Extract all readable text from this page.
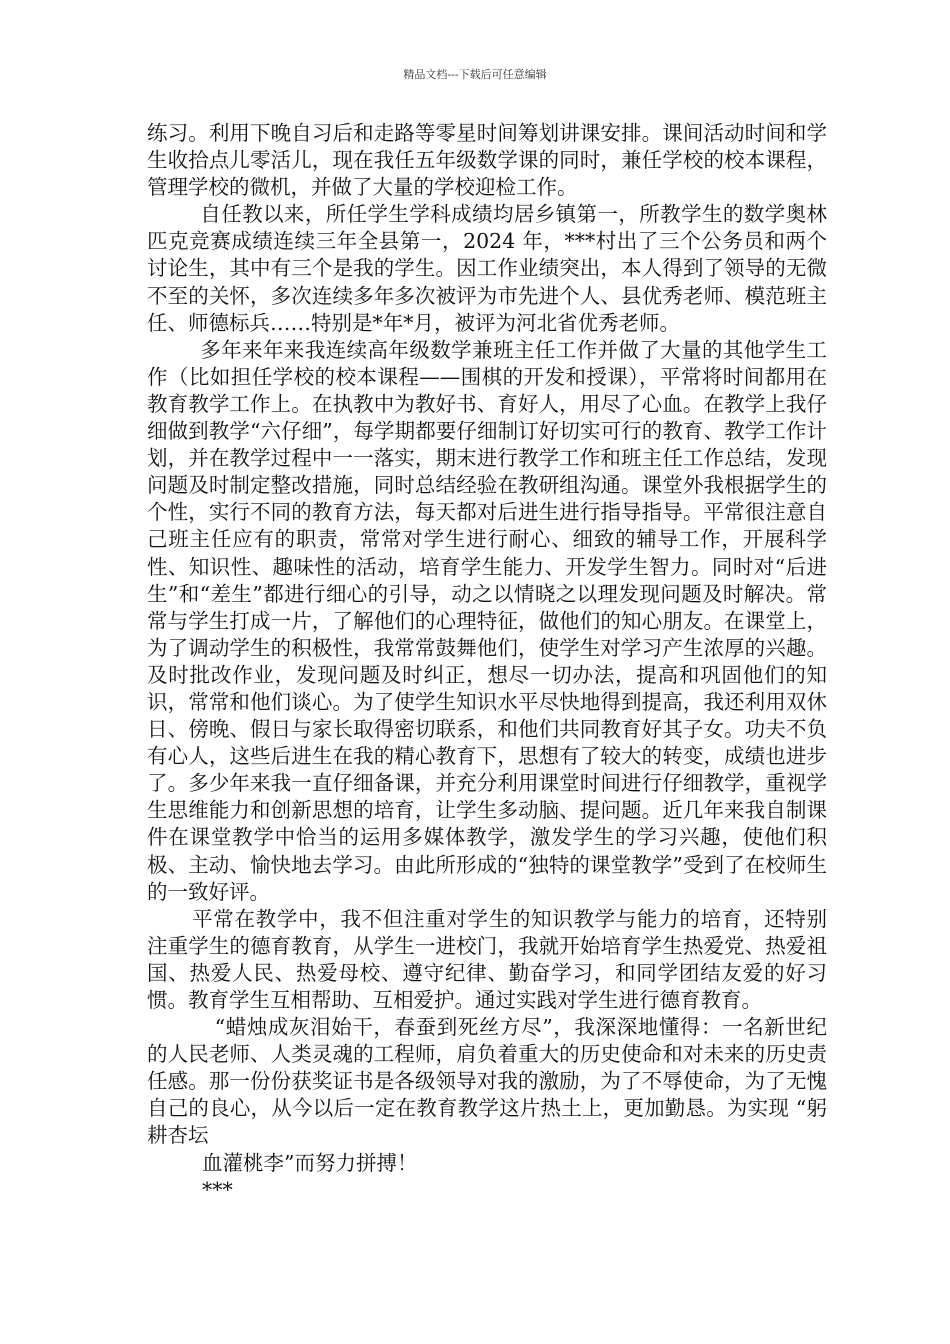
精品文档---下载后可任意编辑

练习。利用下晚自习后和走路等零星时间筹划讲课安排。课间活动时间和学生收拾点儿零活儿，现在我任五年级数学课的同时，兼任学校的校本课程，管理学校的微机，并做了大量的学校迎检工作。

自任教以来，所任学生学科成绩均居乡镇第一，所教学生的数学奥林匹克竞赛成绩连续三年全县第一，2024 年，***村出了三个公务员和两个讨论生，其中有三个是我的学生。因工作业绩突出，本人得到了领导的无微不至的关怀，多次连续多年多次被评为市先进个人、县优秀老师、模范班主任、师德标兵……特别是*年*月，被评为河北省优秀老师。

多年来年来我连续高年级数学兼班主任工作并做了大量的其他学生工作（比如担任学校的校本课程——围棋的开发和授课），平常将时间都用在教育教学工作上。在执教中为教好书、育好人，用尽了心血。在教学上我仔细做到教学“六仔细”，每学期都要仔细制订好切实可行的教育、教学工作计划，并在教学过程中一一落实，期末进行教学工作和班主任工作总结，发现问题及时制定整改措施，同时总结经验在教研组沟通。课堂外我根据学生的个性，实行不同的教育方法，每天都对后进生进行指导指导。平常很注意自己班主任应有的职责，常常对学生进行耐心、细致的辅导工作，开展科学性、知识性、趣味性的活动，培育学生能力、开发学生智力。同时对“后进生”和“差生”都进行细心的引导，动之以情晓之以理发现问题及时解决。常常与学生打成一片，了解他们的心理特征，做他们的知心朋友。在课堂上，为了调动学生的积极性，我常常鼓舞他们，使学生对学习产生浓厚的兴趣。及时批改作业，发现问题及时纠正，想尽一切办法，提高和巩固他们的知识，常常和他们谈心。为了使学生知识水平尽快地得到提高，我还利用双休日、傍晚、假日与家长取得密切联系，和他们共同教育好其子女。功夫不负有心人，这些后进生在我的精心教育下，思想有了较大的转变，成绩也进步了。多少年来我一直仔细备课，并充分利用课堂时间进行仔细教学，重视学生思维能力和创新思想的培育，让学生多动脑、提问题。近几年来我自制课件在课堂教学中恰当的运用多媒体教学，激发学生的学习兴趣，使他们积极、主动、愉快地去学习。由此所形成的“独特的课堂教学”受到了在校师生的一致好评。

平常在教学中，我不但注重对学生的知识教学与能力的培育，还特别注重学生的德育教育，从学生一进校门，我就开始培育学生热爱党、热爱祖国、热爱人民、热爱母校、遵守纪律、勤奋学习，和同学团结友爱的好习惯。教育学生互相帮助、互相爱护。通过实践对学生进行德育教育。

“蜡烛成灰泪始干，春蚕到死丝方尽”，我深深地懂得：一名新世纪的人民老师、人类灵魂的工程师，肩负着重大的历史使命和对未来的历史责任感。那一份份获奖证书是各级领导对我的激励，为了不辱使命，为了无愧自己的良心，从今以后一定在教育教学这片热土上，更加勤恳。为实现 “躬耕杏坛

血灌桃李”而努力拼搏！

***
